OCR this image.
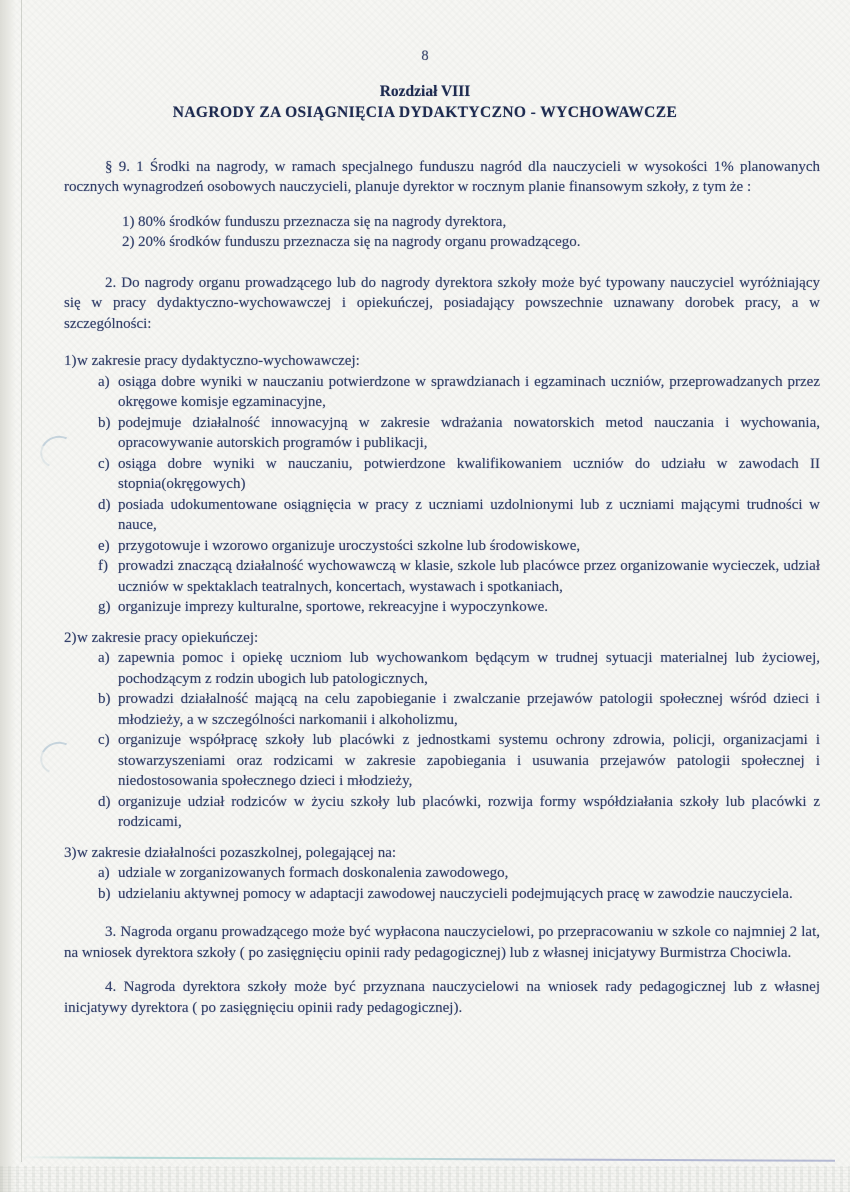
8
Rozdział VIII
NAGRODY ZA OSIĄGNIĘCIA DYDAKTYCZNO - WYCHOWAWCZE

§ 9. 1 Środki na nagrody, w ramach specjalnego funduszu nagród dla nauczycieli w wysokości 1% planowanych rocznych wynagrodzeń osobowych nauczycieli, planuje dyrektor w rocznym planie finansowym szkoły, z tym że :

1) 80% środków funduszu przeznacza się na nagrody dyrektora,
2) 20% środków funduszu przeznacza się na nagrody organu prowadzącego.

2. Do nagrody organu prowadzącego lub do nagrody dyrektora szkoły może być typowany nauczyciel wyróżniający się w pracy dydaktyczno-wychowawczej i opiekuńczej, posiadający powszechnie uznawany dorobek pracy, a w szczególności:

1) w zakresie pracy dydaktyczno-wychowawczej:
a) osiąga dobre wyniki w nauczaniu potwierdzone w sprawdzianach i egzaminach uczniów, przeprowadzanych przez okręgowe komisje egzaminacyjne,
b) podejmuje działalność innowacyjną w zakresie wdrażania nowatorskich metod nauczania i wychowania, opracowywanie autorskich programów i publikacji,
c) osiąga dobre wyniki w nauczaniu, potwierdzone kwalifikowaniem uczniów do udziału w zawodach II stopnia(okręgowych)
d) posiada udokumentowane osiągnięcia w pracy z uczniami uzdolnionymi lub z uczniami mającymi trudności w nauce,
e) przygotowuje i wzorowo organizuje uroczystości szkolne lub środowiskowe,
f) prowadzi znaczącą działalność wychowawczą w klasie, szkole lub placówce przez organizowanie wycieczek, udział uczniów w spektaklach teatralnych, koncertach, wystawach i spotkaniach,
g) organizuje imprezy kulturalne, sportowe, rekreacyjne i wypoczynkowe.
2) w zakresie pracy opiekuńczej:
a) zapewnia pomoc i opiekę uczniom lub wychowankom będącym w trudnej sytuacji materialnej lub życiowej, pochodzącym z rodzin ubogich lub patologicznych,
b) prowadzi działalność mającą na celu zapobieganie i zwalczanie przejawów patologii społecznej wśród dzieci i młodzieży, a w szczególności narkomanii i alkoholizmu,
c) organizuje współpracę szkoły lub placówki z jednostkami systemu ochrony zdrowia, policji, organizacjami i stowarzyszeniami oraz rodzicami w zakresie zapobiegania i usuwania przejawów patologii społecznej i niedostosowania społecznego dzieci i młodzieży,
d) organizuje udział rodziców w życiu szkoły lub placówki, rozwija formy współdziałania szkoły lub placówki z rodzicami,
3) w zakresie działalności pozaszkolnej, polegającej na:
a) udziale w zorganizowanych formach doskonalenia zawodowego,
b) udzielaniu aktywnej pomocy w adaptacji zawodowej nauczycieli podejmujących pracę w zawodzie nauczyciela.

3. Nagroda organu prowadzącego może być wypłacona nauczycielowi, po przepracowaniu w szkole co najmniej 2 lat, na wniosek dyrektora szkoły ( po zasięgnięciu opinii rady pedagogicznej) lub z własnej inicjatywy Burmistrza Chociwla.

4. Nagroda dyrektora szkoły może być przyznana nauczycielowi na wniosek rady pedagogicznej lub z własnej inicjatywy dyrektora ( po zasięgnięciu opinii rady pedagogicznej).
